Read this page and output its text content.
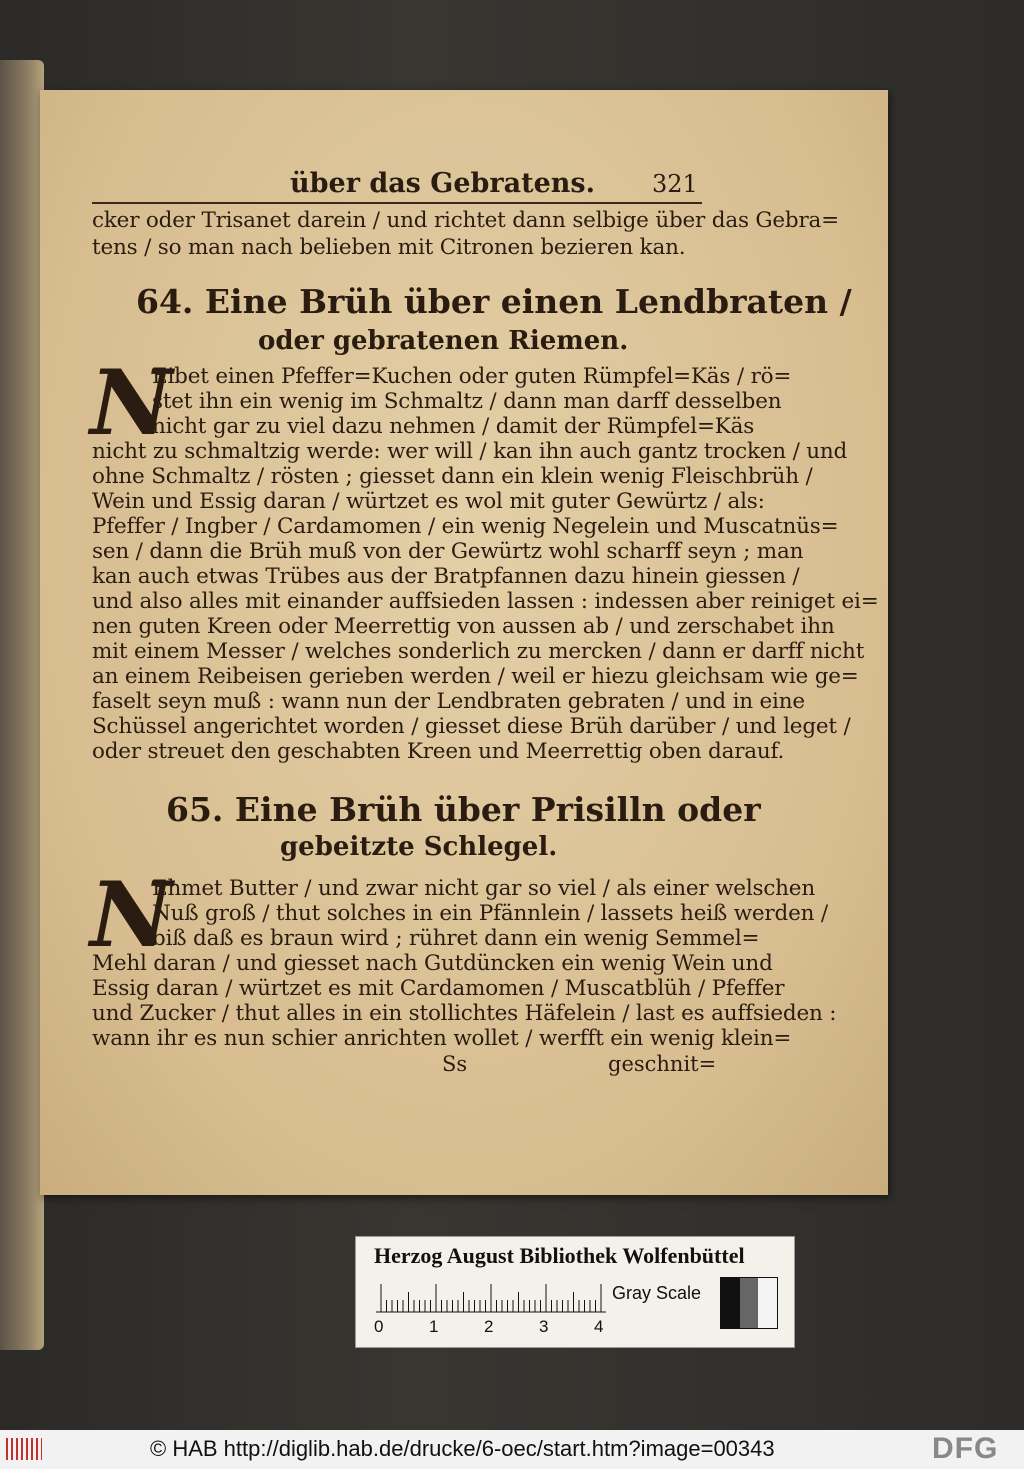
über das Gebratens.	321
cker oder Trisanet darein / und richtet dann selbige über das Gebra=
tens / so man nach belieben mit Citronen bezieren kan.
64. Eine Brüh über einen Lendbraten /
oder gebratenen Riemen.
N
Eibet einen Pfeffer=Kuchen oder guten Rümpfel=Käs / rö=
stet ihn ein wenig im Schmaltz / dann man darff desselben
nicht gar zu viel dazu nehmen / damit der Rümpfel=Käs
nicht zu schmaltzig werde: wer will / kan ihn auch gantz trocken / und
ohne Schmaltz / rösten ; giesset dann ein klein wenig Fleischbrüh /
Wein und Essig daran / würtzet es wol mit guter Gewürtz / als:
Pfeffer / Ingber / Cardamomen / ein wenig Negelein und Muscatnüs=
sen / dann die Brüh muß von der Gewürtz wohl scharff seyn ; man
kan auch etwas Trübes aus der Bratpfannen dazu hinein giessen /
und also alles mit einander auffsieden lassen : indessen aber reiniget ei=
nen guten Kreen oder Meerrettig von aussen ab / und zerschabet ihn
mit einem Messer / welches sonderlich zu mercken / dann er darff nicht
an einem Reibeisen gerieben werden / weil er hiezu gleichsam wie ge=
faselt seyn muß : wann nun der Lendbraten gebraten / und in eine
Schüssel angerichtet worden / giesset diese Brüh darüber / und leget /
oder streuet den geschabten Kreen und Meerrettig oben darauf.
65. Eine Brüh über Prisilln oder
gebeitzte Schlegel.
N
Ehmet Butter / und zwar nicht gar so viel / als einer welschen
Nuß groß / thut solches in ein Pfännlein / lassets heiß werden /
biß daß es braun wird ; rühret dann ein wenig Semmel=
Mehl daran / und giesset nach Gutdüncken ein wenig Wein und
Essig daran / würtzet es mit Cardamomen / Muscatblüh / Pfeffer
und Zucker / thut alles in ein stollichtes Häfelein / last es auffsieden :
wann ihr es nun schier anrichten wollet / werfft ein wenig klein=
Ss	geschnit=
Herzog August Bibliothek Wolfenbüttel
0	1	2	3	4
Gray Scale
© HAB http://diglib.hab.de/drucke/6-oec/start.htm?image=00343	DFG
